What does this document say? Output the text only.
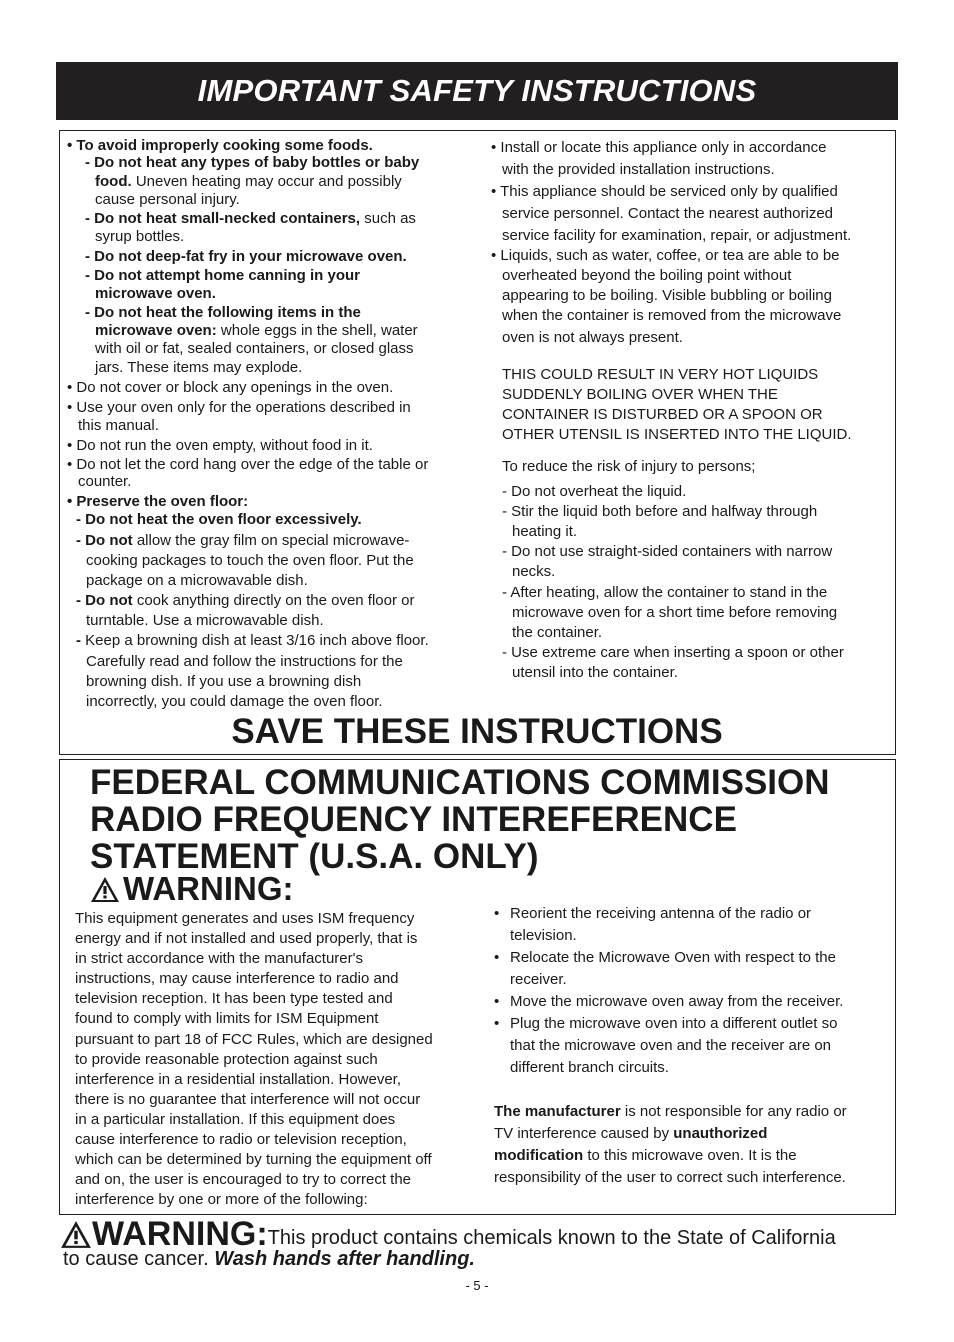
IMPORTANT SAFETY INSTRUCTIONS
• To avoid improperly cooking some foods.
- Do not heat any types of baby bottles or baby
food. Uneven heating may occur and possibly
cause personal injury.
- Do not heat small-necked containers, such as
syrup bottles.
- Do not deep-fat fry in your microwave oven.
- Do not attempt home canning in your
microwave oven.
- Do not heat the following items in the
microwave oven: whole eggs in the shell, water
with oil or fat, sealed containers, or closed glass
jars. These items may explode.
• Do not cover or block any openings in the oven.
• Use your oven only for the operations described in
this manual.
• Do not run the oven empty, without food in it.
• Do not let the cord hang over the edge of the table or
counter.
• Preserve the oven floor:
- Do not heat the oven floor excessively.
- Do not allow the gray film on special microwave-
cooking packages to touch the oven floor. Put the
package on a microwavable dish.
- Do not cook anything directly on the oven floor or
turntable. Use a microwavable dish.
- Keep a browning dish at least 3/16 inch above floor.
Carefully read and follow the instructions for the
browning dish. If you use a browning dish
incorrectly, you could damage the oven floor.
• Install or locate this appliance only in accordance
with the provided installation instructions.
• This appliance should be serviced only by qualified
service personnel. Contact the nearest authorized
service facility for examination, repair, or adjustment.
• Liquids, such as water, coffee, or tea are able to be
overheated beyond the boiling point without
appearing to be boiling. Visible bubbling or boiling
when the container is removed from the microwave
oven is not always present.
THIS COULD RESULT IN VERY HOT LIQUIDS
SUDDENLY BOILING OVER WHEN THE
CONTAINER IS DISTURBED OR A SPOON OR
OTHER UTENSIL IS INSERTED INTO THE LIQUID.
To reduce the risk of injury to persons;
- Do not overheat the liquid.
- Stir the liquid both before and halfway through
heating it.
- Do not use straight-sided containers with narrow
necks.
- After heating, allow the container to stand in the
microwave oven for a short time before removing
the container.
- Use extreme care when inserting a spoon or other
utensil into the container.
SAVE THESE INSTRUCTIONS
FEDERAL COMMUNICATIONS COMMISSION
RADIO FREQUENCY INTEREFERENCE
STATEMENT (U.S.A. ONLY)
WARNING:
This equipment generates and uses ISM frequency
energy and if not installed and used properly, that is
in strict accordance with the manufacturer's
instructions, may cause interference to radio and
television reception. It has been type tested and
found to comply with limits for ISM Equipment
pursuant to part 18 of FCC Rules, which are designed
to provide reasonable protection against such
interference in a residential installation. However,
there is no guarantee that interference will not occur
in a particular installation. If this equipment does
cause interference to radio or television reception,
which can be determined by turning the equipment off
and on, the user is encouraged to try to correct the
interference by one or more of the following:
• Reorient the receiving antenna of the radio or
television.
• Relocate the Microwave Oven with respect to the
receiver.
• Move the microwave oven away from the receiver.
• Plug the microwave oven into a different outlet so
that the microwave oven and the receiver are on
different branch circuits.
The manufacturer is not responsible for any radio or
TV interference caused by unauthorized
modification to this microwave oven. It is the
responsibility of the user to correct such interference.
WARNING: This product contains chemicals known to the State of California
to cause cancer. Wash hands after handling.
- 5 -
